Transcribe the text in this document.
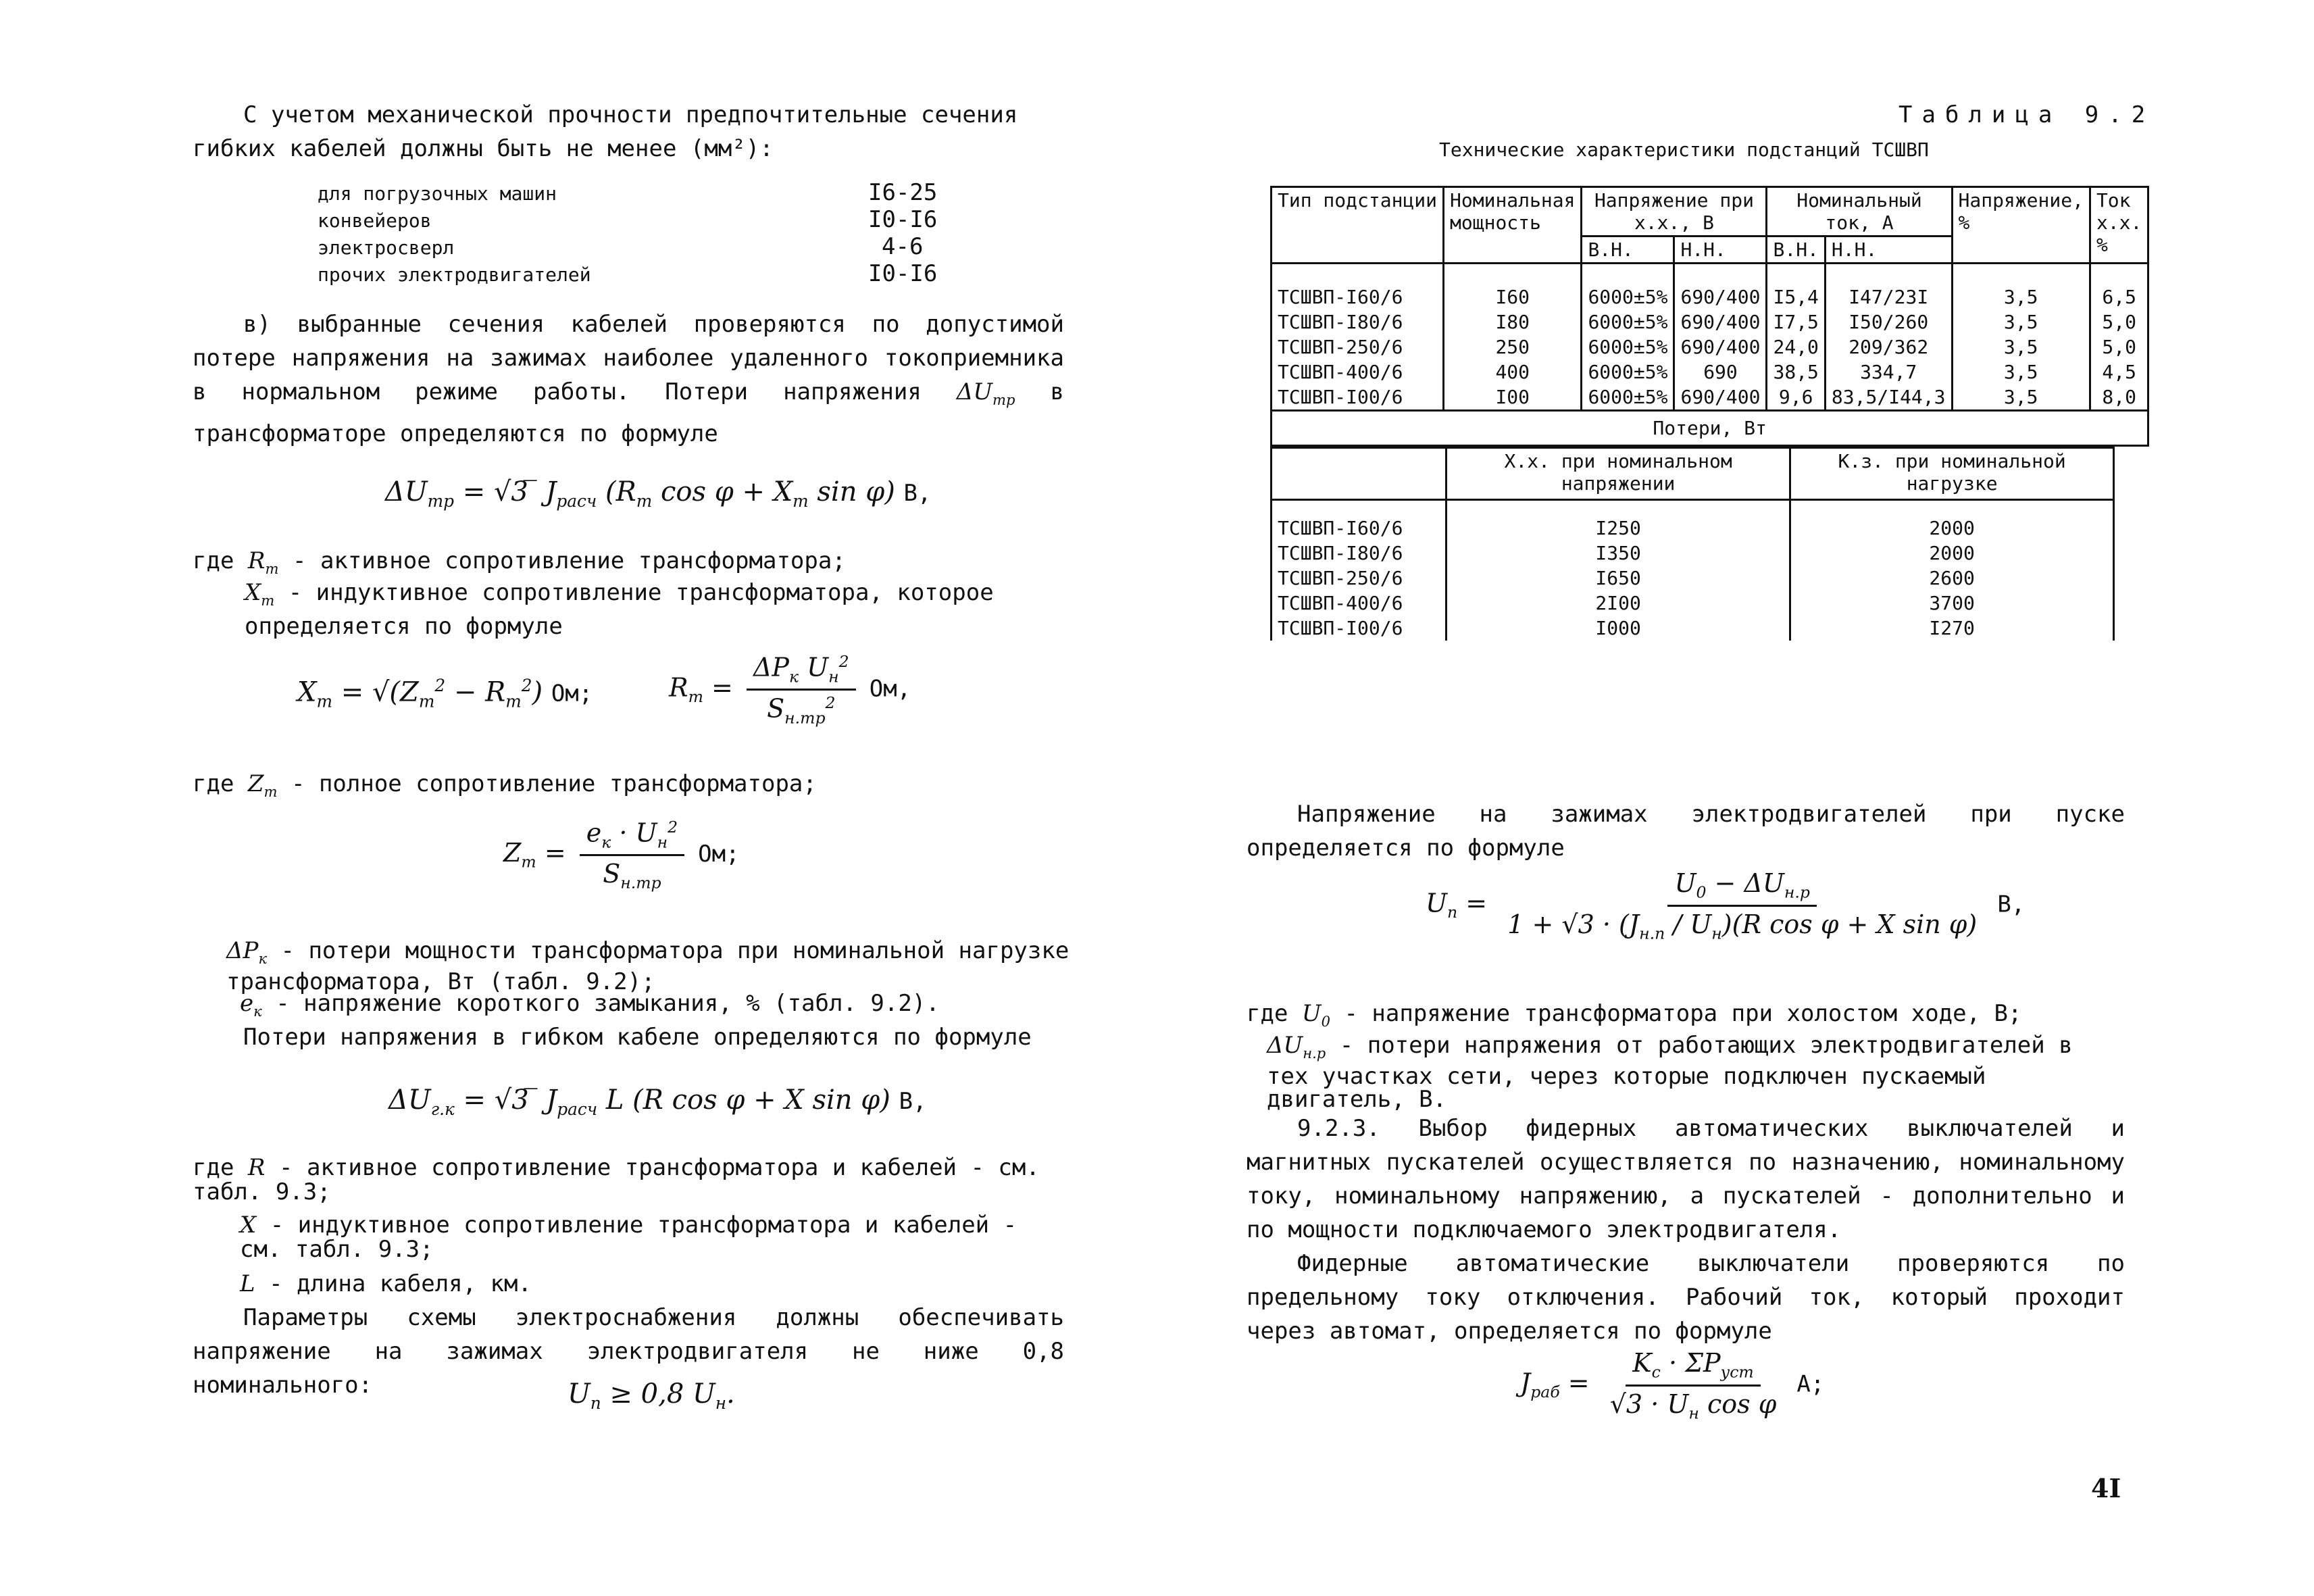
С учетом механической прочности предпочтительные сечения
гибких кабелей должны быть не менее (мм²):
для погрузочных машин	I6-25
конвейеров	I0-I6
электросверл	4-6
прочих электродвигателей	I0-I6
в) выбранные сечения кабелей проверяются по допустимой потере напряжения на зажимах наиболее удаленного токоприемника в нормальном режиме работы. Потери напряжения $\Delta U_{тр}$ в трансформаторе определяются по формуле
$\Delta U_{тр} = √3$ ̅ $J_{расч}$ ($R_т$ $\cos \varphi + X_т$ sin φ) В,
где $R_т$ - активное сопротивление трансформатора;
$X_т$ - индуктивное сопротивление трансформатора, которое определяется по формуле
$X_т = √(Z_т^2 - R_т^2)$ Ом;	$R_т = \frac{\Delta P_к U_н^2}{S_{н.тр}^2}$ Ом,
где $Z_т$ - полное сопротивление трансформатора;
$Z_т = \frac{e_к \cdot U_н^2}{S_{н.тр}}$ Ом;
$\Delta P_к$ - потери мощности трансформатора при номинальной нагрузке трансформатора, Вт (табл. 9.2);
$e_к$ - напряжение короткого замыкания, % (табл. 9.2).
Потери напряжения в гибком кабеле определяются по формуле
$\Delta U_{г.к} = √3$ ̅ $J_{расч}$ L (R cos φ + X sin φ) В,
где R - активное сопротивление трансформатора и кабелей - см. табл. 9.3;
X - индуктивное сопротивление трансформатора и кабелей - см. табл. 9.3;
L - длина кабеля, км.
Параметры схемы электроснабжения должны обеспечивать напряжение на зажимах электродвигателя не ниже 0,8 номинального:	$U_п \ge 0,8$ $U_н$.
Таблица 9.2
Технические характеристики подстанций ТСШВП
Тип подстанции	Номинальная мощность	Напряжение при х.х., В		Номинальный ток, А		Напряжение, %	Ток х.х. %
		В.Н.	Н.Н.	В.Н.	Н.Н.		
ТСШВП-I60/6	I60	6000±5%	690/400	I5,4	I47/23I	3,5	6,5
ТСШВП-I80/6	I80	6000±5%	690/400	I7,5	I50/260	3,5	5,0
ТСШВП-250/6	250	6000±5%	690/400	24,0	209/362	3,5	5,0
ТСШВП-400/6	400	6000±5%	690	38,5	334,7	3,5	4,5
ТСШВП-I00/6	I00	6000±5%	690/400	9,6	83,5/I44,3	3,5	8,0
Потери, Вт							
	Х.х. при номинальном напряжении	К.з. при номинальной нагрузке
ТСШВП-I60/6	I250	2000
ТСШВП-I80/6	I350	2000
ТСШВП-250/6	I650	2600
ТСШВП-400/6	2I00	3700
ТСШВП-I00/6	I000	I270
Напряжение на зажимах электродвигателей при пуске определяется по формуле
$U_п = \frac{U_0 - \Delta U_{н.р}}{1 + √3 \cdot (J_{н.п} / U_н)(R \cos \varphi + X \sin \varphi)} В$,
где $U_0$ - напряжение трансформатора при холостом ходе, В;
$\Delta U_{н.р}$ - потери напряжения от работающих электродвигателей в тех участках сети, через которые подключен пускаемый двигатель, В.
9.2.3. Выбор фидерных автоматических выключателей и магнитных пускателей осуществляется по назначению, номинальному току, номинальному напряжению, а пускателей - дополнительно и по мощности подключаемого электродвигателя.
Фидерные автоматические выключатели проверяются по предельному току отключения. Рабочий ток, который проходит через автомат, определяется по формуле
$J_{раб} = \frac{K_c \cdot \Sigma P_{уст}}{√3 \cdot U_н \cos \varphi} А$;
4I
